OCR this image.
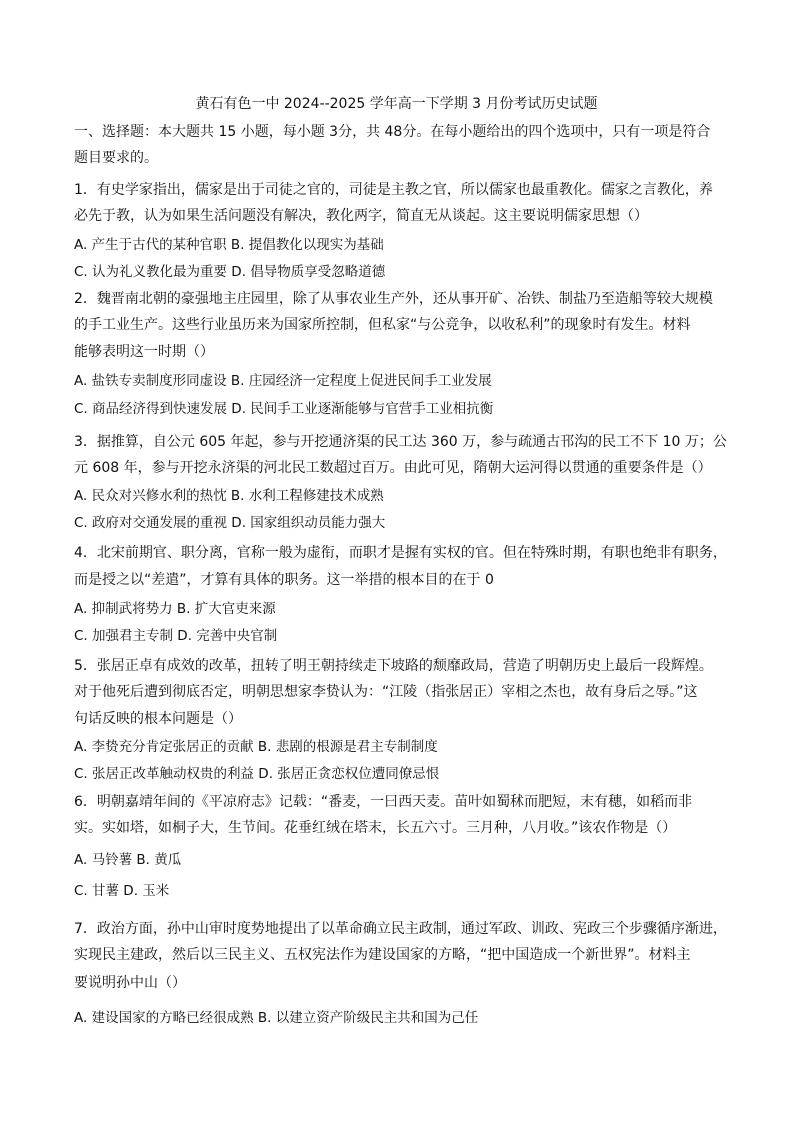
黄石有色一中 2024--2025 学年高一下学期 3 月份考试历史试题
一、选择题：本大题共 15 小题，每小题 3分，共 48分。在每小题给出的四个选项中，只有一项是符合
题目要求的。
1．有史学家指出，儒家是出于司徒之官的，司徒是主教之官，所以儒家也最重教化。儒家之言教化，养
必先于教，认为如果生活问题没有解决，教化两字，简直无从谈起。这主要说明儒家思想（）
A. 产生于古代的某种官职 B. 提倡教化以现实为基础
C. 认为礼义教化最为重要 D. 倡导物质享受忽略道德
2．魏晋南北朝的豪强地主庄园里，除了从事农业生产外，还从事开矿、冶铁、制盐乃至造船等较大规模
的手工业生产。这些行业虽历来为国家所控制，但私家“与公竞争，以收私利”的现象时有发生。材料
能够表明这一时期（）
A. 盐铁专卖制度形同虚设 B. 庄园经济一定程度上促进民间手工业发展
C. 商品经济得到快速发展 D. 民间手工业逐渐能够与官营手工业相抗衡
3．据推算，自公元 605 年起，参与开挖通济渠的民工达 360 万，参与疏通古邗沟的民工不下 10 万；公
元 608 年，参与开挖永济渠的河北民工数超过百万。由此可见，隋朝大运河得以贯通的重要条件是（）
A. 民众对兴修水利的热忱 B. 水利工程修建技术成熟
C. 政府对交通发展的重视 D. 国家组织动员能力强大
4．北宋前期官、职分离，官称一般为虚衔，而职才是握有实权的官。但在特殊时期，有职也绝非有职务，
而是授之以“差遣”，才算有具体的职务。这一举措的根本目的在于 0
A. 抑制武将势力 B. 扩大官吏来源
C. 加强君主专制 D. 完善中央官制
5．张居正卓有成效的改革，扭转了明王朝持续走下坡路的颓靡政局，营造了明朝历史上最后一段辉煌。
对于他死后遭到彻底否定，明朝思想家李贽认为：“江陵（指张居正）宰相之杰也，故有身后之辱。”这
句话反映的根本问题是（）
A. 李贽充分肯定张居正的贡献 B. 悲剧的根源是君主专制制度
C. 张居正改革触动权贵的利益 D. 张居正贪恋权位遭同僚忌恨
6．明朝嘉靖年间的《平凉府志》记载：“番麦，一曰西天麦。苗叶如蜀秫而肥短，末有穗，如稻而非
实。实如塔，如桐子大，生节间。花垂红绒在塔末，长五六寸。三月种，八月收。”该农作物是（）
A. 马铃薯 B. 黄瓜
C. 甘薯 D. 玉米
7．政治方面，孙中山审时度势地提出了以革命确立民主政制，通过军政、训政、宪政三个步骤循序渐进，
实现民主建政，然后以三民主义、五权宪法作为建设国家的方略，“把中国造成一个新世界”。材料主
要说明孙中山（）
A. 建设国家的方略已经很成熟 B. 以建立资产阶级民主共和国为己任
